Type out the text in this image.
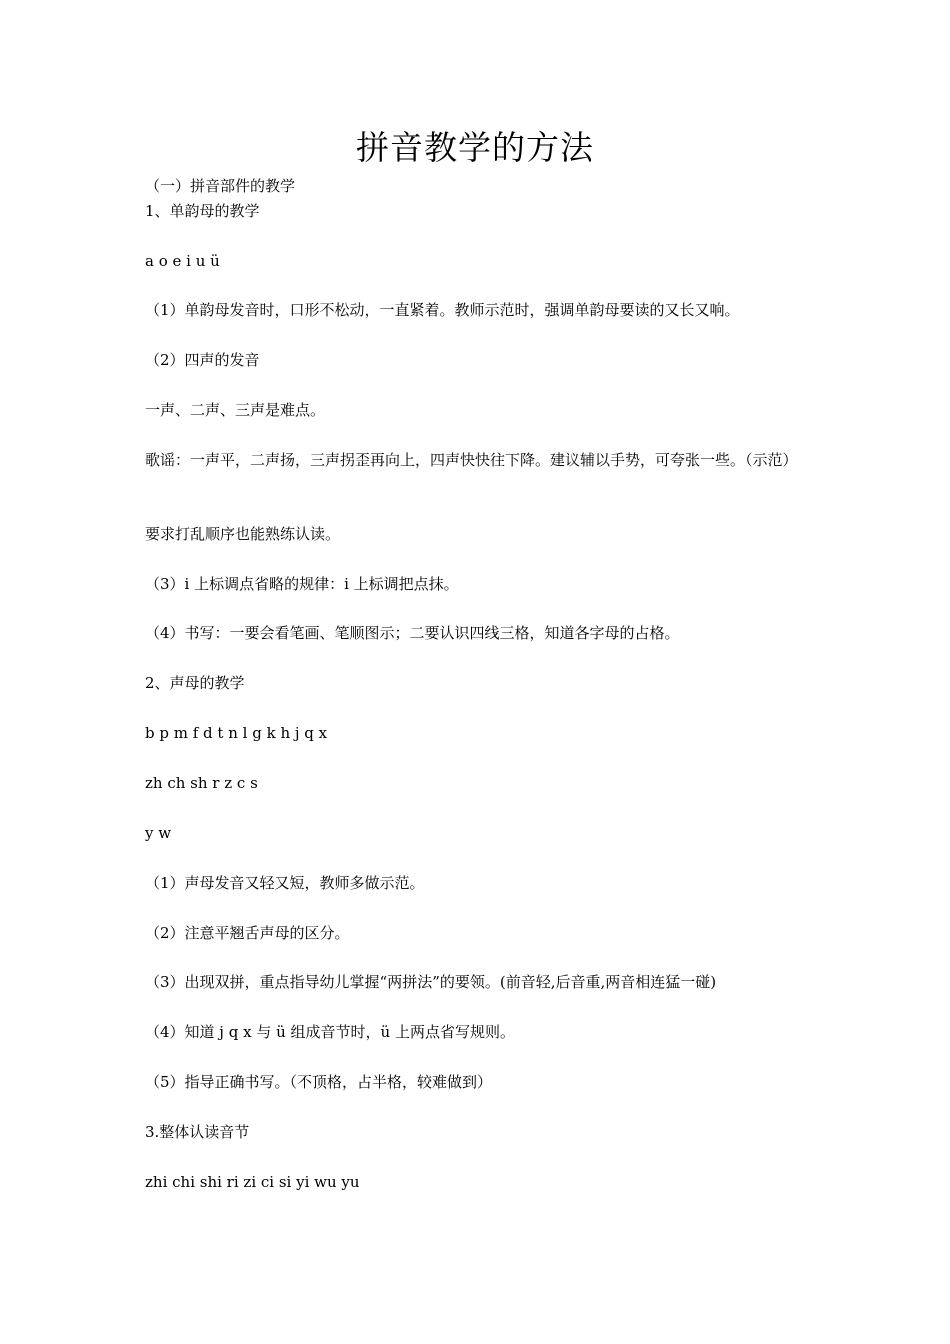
拼音教学的方法
（一）拼音部件的教学
1、单韵母的教学
a o e i u ü
（1）单韵母发音时，口形不松动，一直紧着。教师示范时，强调单韵母要读的又长又响。
（2）四声的发音
一声、二声、三声是难点。
歌谣：一声平，二声扬，三声拐歪再向上，四声快快往下降。建议辅以手势，可夸张一些。（示范）
要求打乱顺序也能熟练认读。
（3）i 上标调点省略的规律：i 上标调把点抹。
（4）书写：一要会看笔画、笔顺图示；二要认识四线三格，知道各字母的占格。
2、声母的教学
b p m f d t n l g k h j q x
zh ch sh r z c s
y w
（1）声母发音又轻又短，教师多做示范。
（2）注意平翘舌声母的区分。
（3）出现双拼，重点指导幼儿掌握“两拼法”的要领。(前音轻,后音重,两音相连猛一碰)
（4）知道 j q x 与 ü 组成音节时，ü 上两点省写规则。
（5）指导正确书写。（不顶格，占半格，较难做到）
3.整体认读音节
zhi chi shi ri zi ci si yi wu yu
